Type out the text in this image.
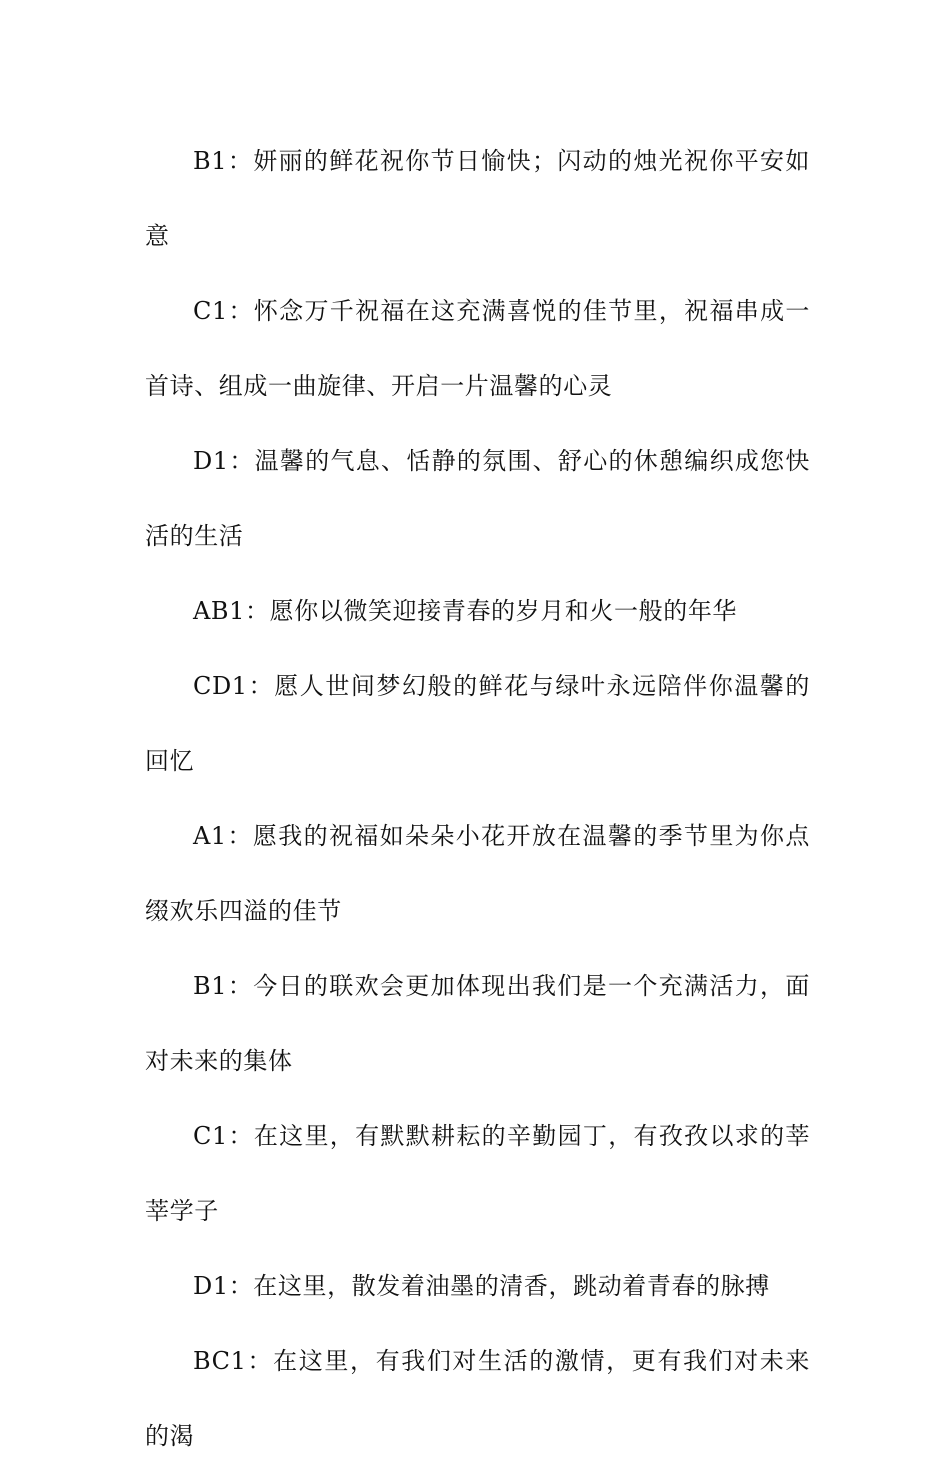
B1：妍丽的鲜花祝你节日愉快；闪动的烛光祝你平安如意

C1：怀念万千祝福在这充满喜悦的佳节里，祝福串成一首诗、组成一曲旋律、开启一片温馨的心灵

D1：温馨的气息、恬静的氛围、舒心的休憩编织成您快活的生活

AB1：愿你以微笑迎接青春的岁月和火一般的年华

CD1：愿人世间梦幻般的鲜花与绿叶永远陪伴你温馨的回忆

A1：愿我的祝福如朵朵小花开放在温馨的季节里为你点缀欢乐四溢的佳节

B1：今日的联欢会更加体现出我们是一个充满活力，面对未来的集体

C1：在这里，有默默耕耘的辛勤园丁，有孜孜以求的莘莘学子

D1：在这里，散发着油墨的清香，跳动着青春的脉搏

BC1：在这里，有我们对生活的激情，更有我们对未来的渴
